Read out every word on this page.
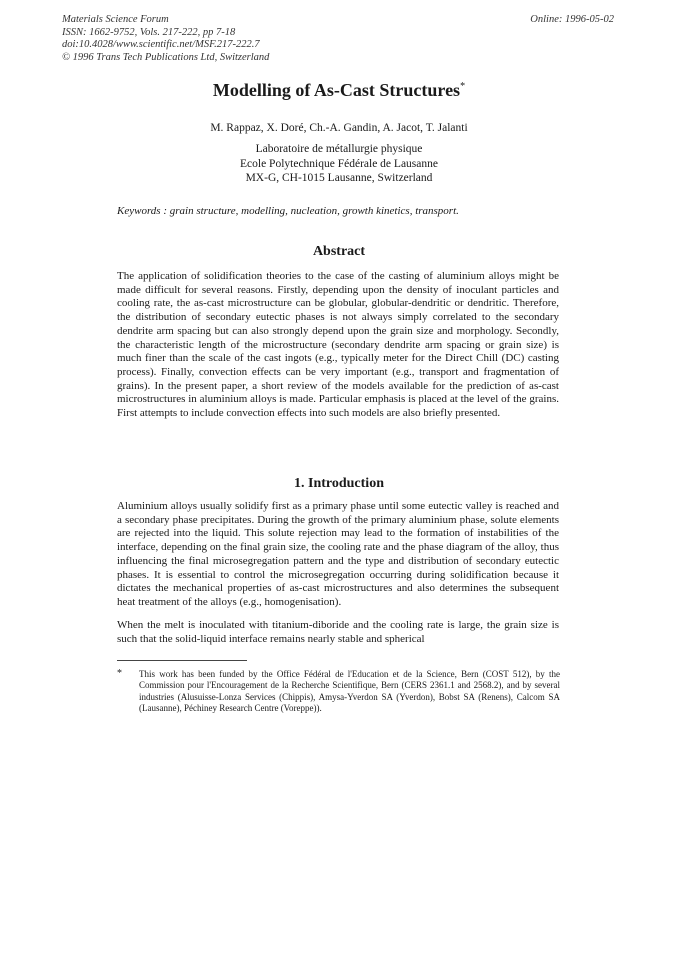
Materials Science Forum
ISSN: 1662-9752, Vols. 217-222, pp 7-18
doi:10.4028/www.scientific.net/MSF.217-222.7
© 1996 Trans Tech Publications Ltd, Switzerland
Online: 1996-05-02
Modelling of As-Cast Structures*
M. Rappaz, X. Doré, Ch.-A. Gandin, A. Jacot, T. Jalanti
Laboratoire de métallurgie physique
Ecole Polytechnique Fédérale de Lausanne
MX-G, CH-1015 Lausanne, Switzerland
Keywords : grain structure, modelling, nucleation, growth kinetics, transport.
Abstract
The application of solidification theories to the case of the casting of aluminium alloys might be made difficult for several reasons. Firstly, depending upon the density of inoculant particles and cooling rate, the as-cast microstructure can be globular, globular-dendritic or dendritic. Therefore, the distribution of secondary eutectic phases is not always simply correlated to the secondary dendrite arm spacing but can also strongly depend upon the grain size and morphology. Secondly, the characteristic length of the microstructure (secondary dendrite arm spacing or grain size) is much finer than the scale of the cast ingots (e.g., typically meter for the Direct Chill (DC) casting process). Finally, convection effects can be very important (e.g., transport and fragmentation of grains). In the present paper, a short review of the models available for the prediction of as-cast microstructures in aluminium alloys is made. Particular emphasis is placed at the level of the grains. First attempts to include convection effects into such models are also briefly presented.
1. Introduction
Aluminium alloys usually solidify first as a primary phase until some eutectic valley is reached and a secondary phase precipitates. During the growth of the primary aluminium phase, solute elements are rejected into the liquid. This solute rejection may lead to the formation of instabilities of the interface, depending on the final grain size, the cooling rate and the phase diagram of the alloy, thus influencing the final microsegregation pattern and the type and distribution of secondary eutectic phases. It is essential to control the microsegregation occurring during solidification because it dictates the mechanical properties of as-cast microstructures and also determines the subsequent heat treatment of the alloys (e.g., homogenisation).
When the melt is inoculated with titanium-diboride and the cooling rate is large, the grain size is such that the solid-liquid interface remains nearly stable and spherical
* This work has been funded by the Office Fédéral de l'Education et de la Science, Bern (COST 512), by the Commission pour l'Encouragement de la Recherche Scientifique, Bern (CERS 2361.1 and 2568.2), and by several industries (Alusuisse-Lonza Services (Chippis), Amysa-Yverdon SA (Yverdon), Bobst SA (Renens), Calcom SA (Lausanne), Péchiney Research Centre (Voreppe)).
